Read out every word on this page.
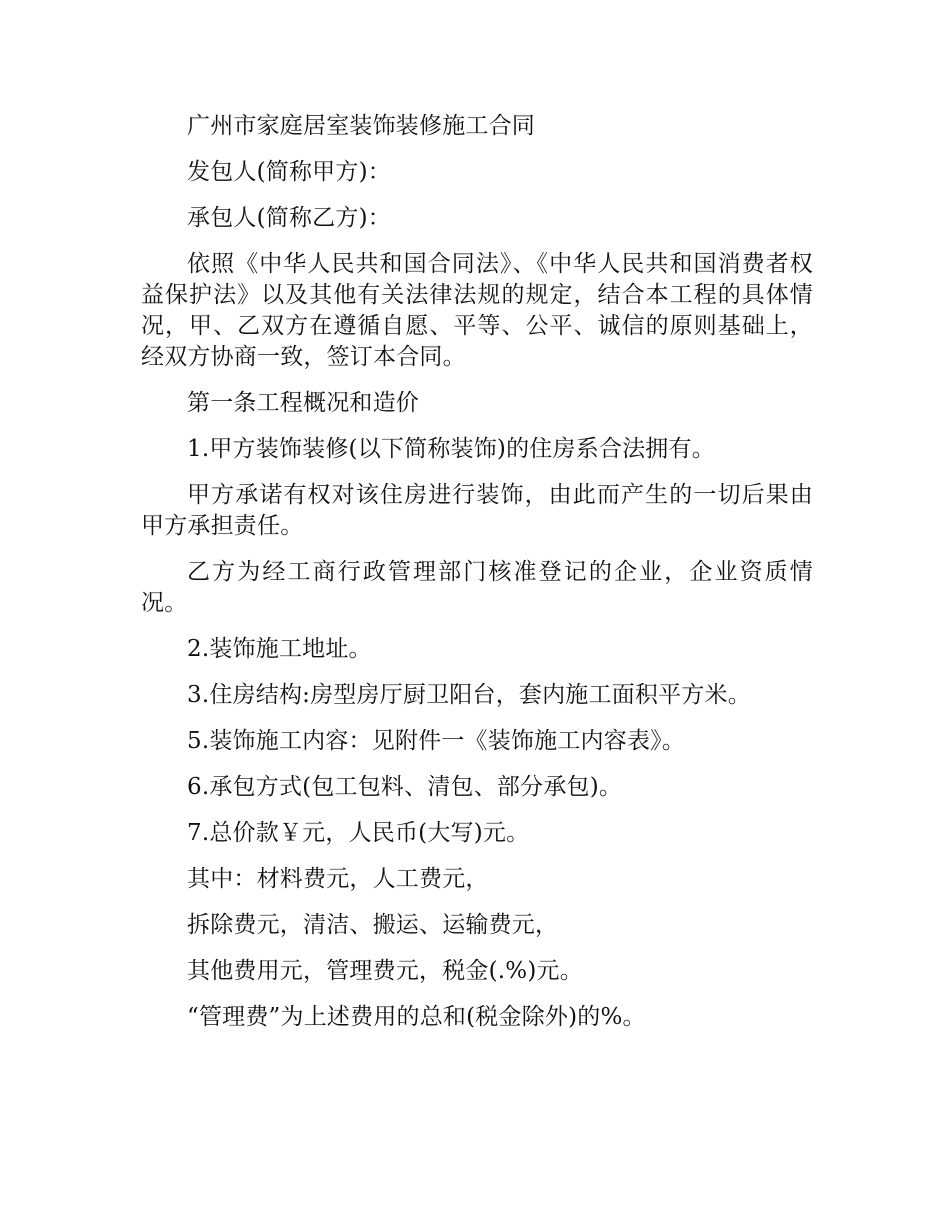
广州市家庭居室装饰装修施工合同

发包人(简称甲方)：

承包人(简称乙方)：

依照《中华人民共和国合同法》、《中华人民共和国消费者权益保护法》以及其他有关法律法规的规定，结合本工程的具体情况，甲、乙双方在遵循自愿、平等、公平、诚信的原则基础上，经双方协商一致，签订本合同。

第一条工程概况和造价

1.甲方装饰装修(以下简称装饰)的住房系合法拥有。

甲方承诺有权对该住房进行装饰，由此而产生的一切后果由甲方承担责任。

乙方为经工商行政管理部门核准登记的企业，企业资质情况。

2.装饰施工地址。

3.住房结构:房型房厅厨卫阳台，套内施工面积平方米。

5.装饰施工内容：见附件一《装饰施工内容表》。

6.承包方式(包工包料、清包、部分承包)。

7.总价款￥元，人民币(大写)元。

其中：材料费元，人工费元，

拆除费元，清洁、搬运、运输费元，

其他费用元，管理费元，税金(.%)元。

“管理费”为上述费用的总和(税金除外)的%。
